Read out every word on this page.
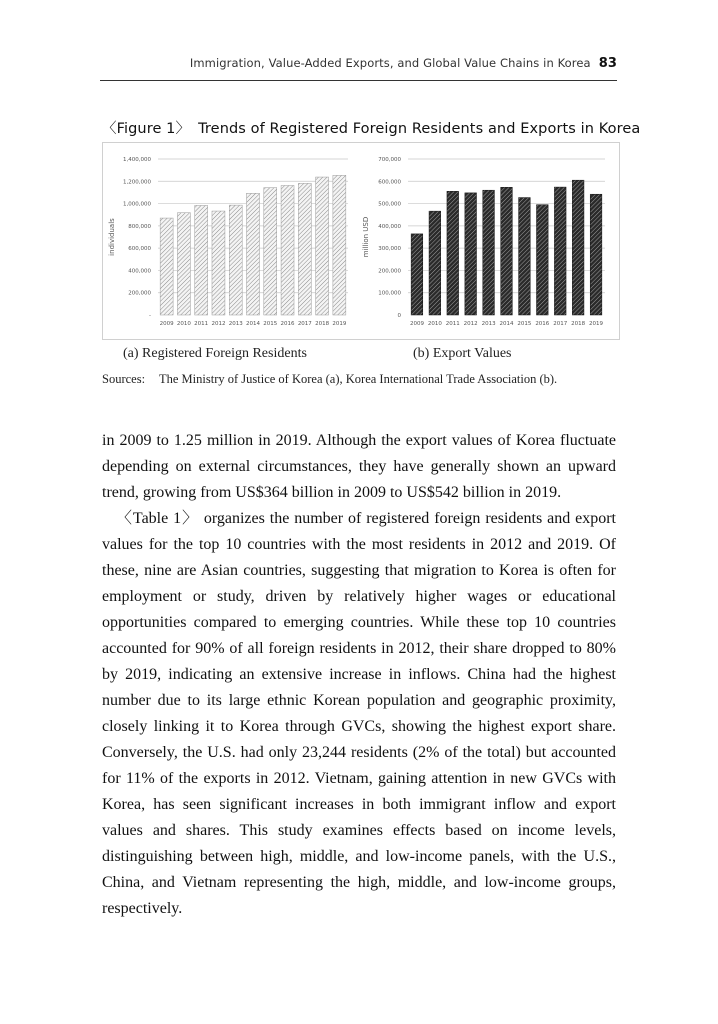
Immigration, Value-Added Exports, and Global Value Chains in Korea 83
〈Figure 1〉 Trends of Registered Foreign Residents and Exports in Korea
1,400,000
1,200,000
1,000,000
800,000
600,000
400,000
200,000
-
individuals
2009 2010 2011 2012 2013 2014 2015 2016 2017 2018 2019
700,000
600,000
500,000
400,000
300,000
200,000
100,000
0
million USD
2009 2010 2011 2012 2013 2014 2015 2016 2017 2018 2019
(a) Registered Foreign Residents	(b) Export Values
Sources: The Ministry of Justice of Korea (a), Korea International Trade Association (b).

in 2009 to 1.25 million in 2019. Although the export values of Korea fluctuate depending on external circumstances, they have generally shown an upward trend, growing from US$364 billion in 2009 to US$542 billion in 2019.

〈Table 1〉 organizes the number of registered foreign residents and export values for the top 10 countries with the most residents in 2012 and 2019. Of these, nine are Asian countries, suggesting that migration to Korea is often for employment or study, driven by relatively higher wages or educational opportunities compared to emerging countries. While these top 10 countries accounted for 90% of all foreign residents in 2012, their share dropped to 80% by 2019, indicating an extensive increase in inflows. China had the highest number due to its large ethnic Korean population and geographic proximity, closely linking it to Korea through GVCs, showing the highest export share. Conversely, the U.S. had only 23,244 residents (2% of the total) but accounted for 11% of the exports in 2012. Vietnam, gaining attention in new GVCs with Korea, has seen significant increases in both immigrant inflow and export values and shares. This study examines effects based on income levels, distinguishing between high, middle, and low-income panels, with the U.S., China, and Vietnam representing the high, middle, and low-income groups, respectively.
